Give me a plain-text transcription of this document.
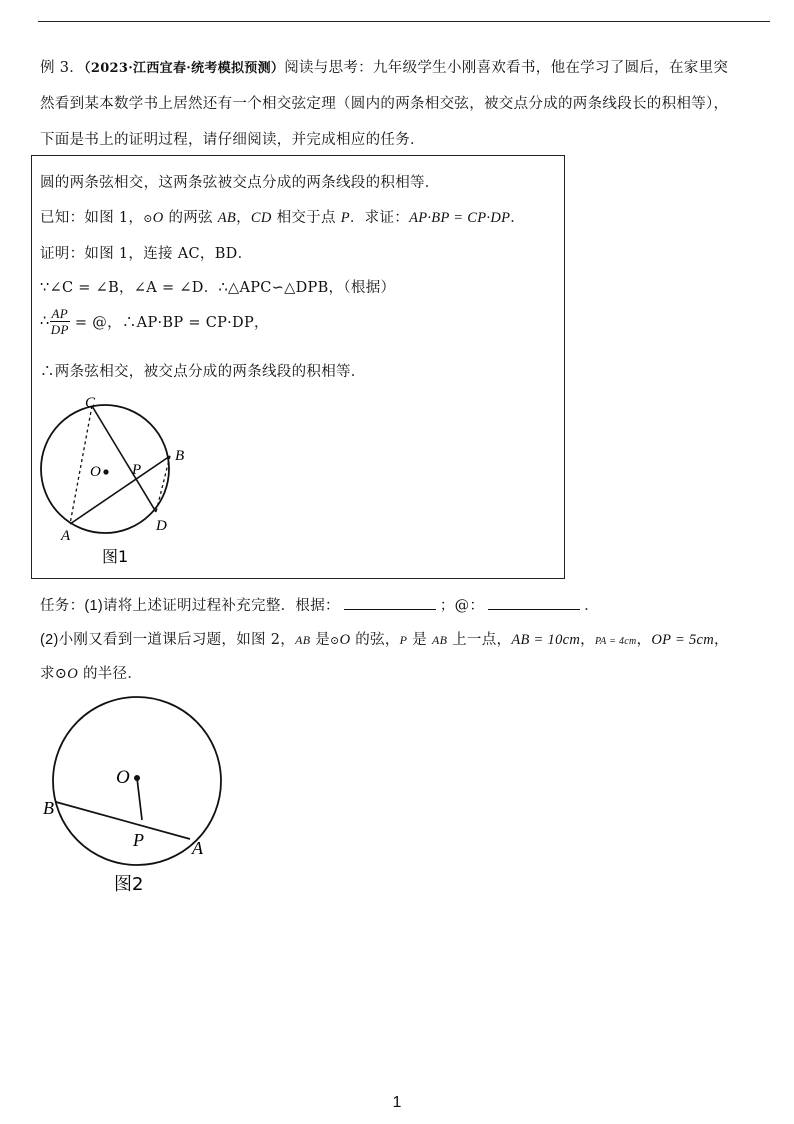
例 3．（2023·江西宜春·统考模拟预测）阅读与思考：九年级学生小刚喜欢看书，他在学习了圆后，在家里突
然看到某本数学书上居然还有一个相交弦定理（圆内的两条相交弦，被交点分成的两条线段长的积相等），
下面是书上的证明过程，请仔细阅读，并完成相应的任务．
圆的两条弦相交，这两条弦被交点分成的两条线段的积相等．
已知：如图 1，⊙O 的两弦 AB，CD 相交于点 P．求证：AP·BP = CP·DP．
证明：如图 1，连接 AC，BD．
∵∠C = ∠B，∠A = ∠D．∴△APC∽△DPB，（根据）
∴ $\frac{AP}{DP}$ = @，∴AP·BP = CP·DP，
∴两条弦相交，被交点分成的两条线段的积相等．
C
B
O P
D
A
图1
任务：(1)请将上述证明过程补充完整．根据：	；@：	．
(2)小刚又看到一道课后习题，如图 2，AB 是⊙O 的弦，P 是 AB 上一点，AB = 10cm，PA = 4cm，OP = 5cm，
求⊙O 的半径．
O
B
P	A
图2
1
